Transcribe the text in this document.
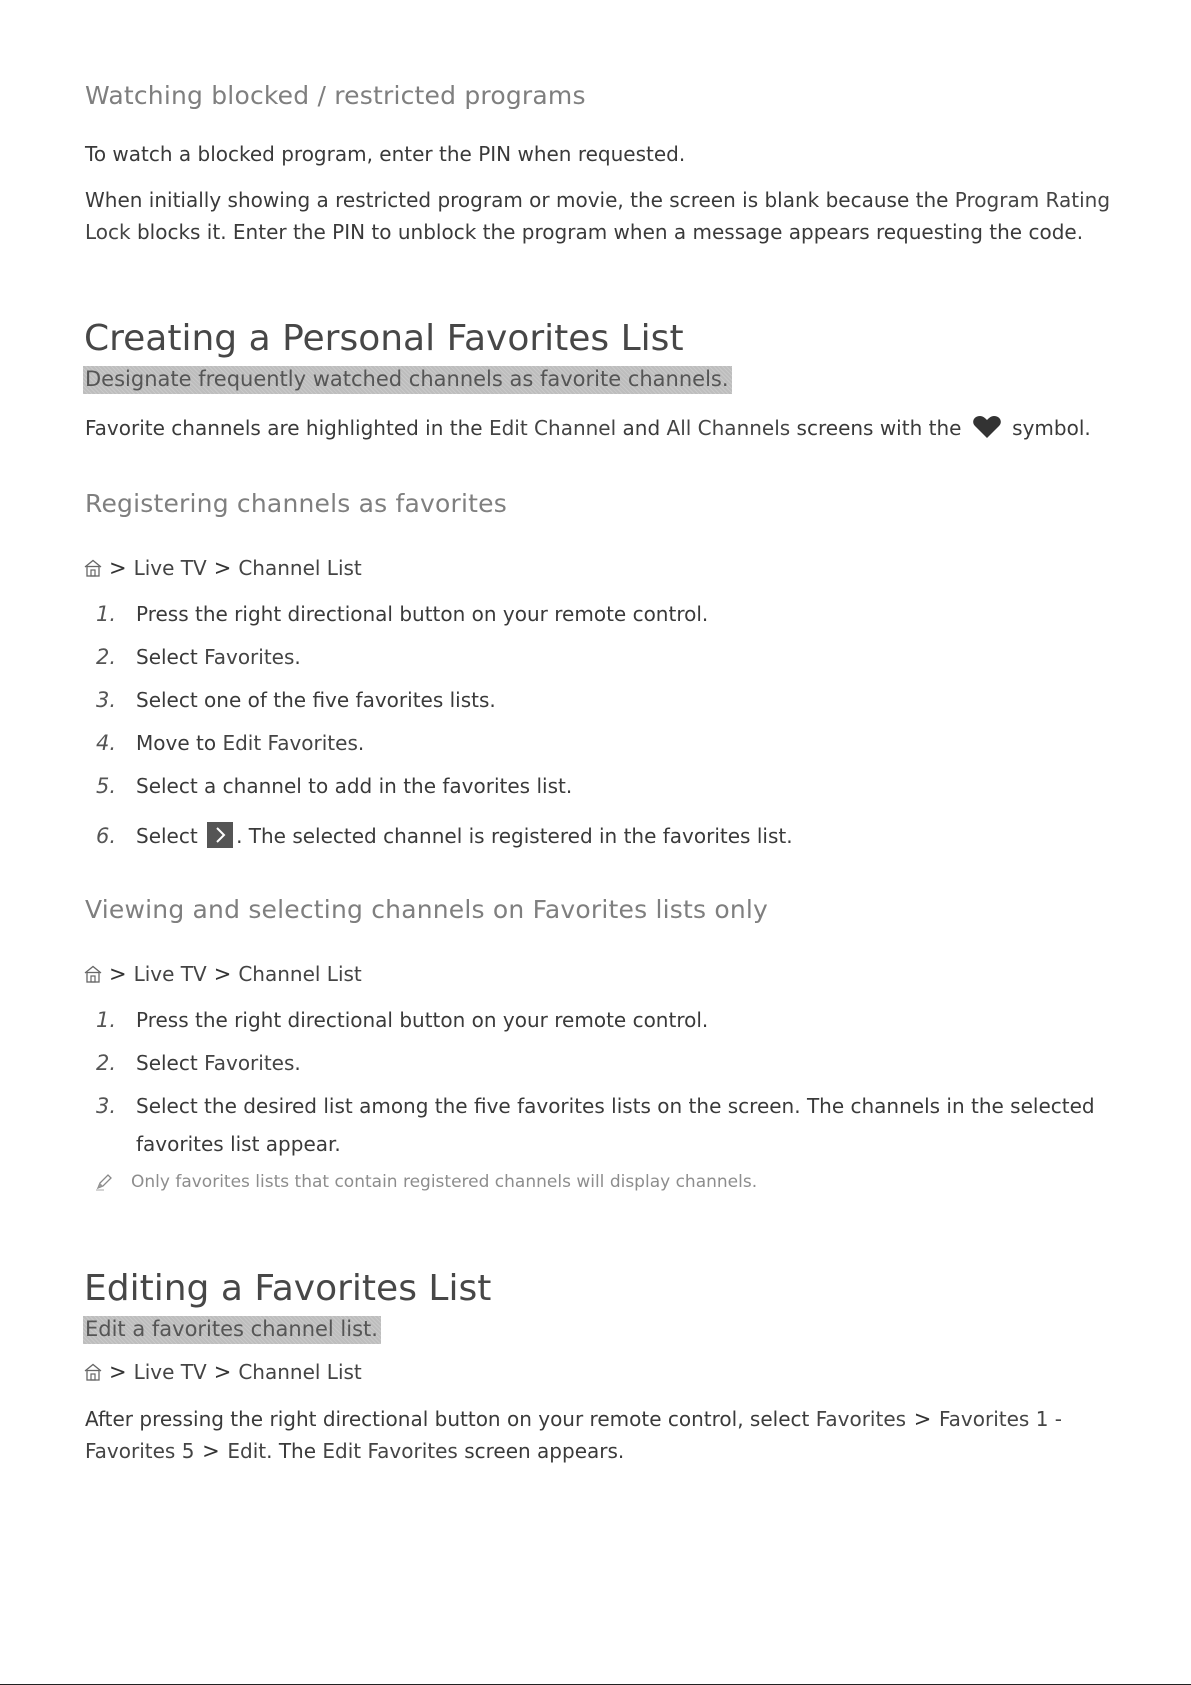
Watching blocked / restricted programs
To watch a blocked program, enter the PIN when requested.
When initially showing a restricted program or movie, the screen is blank because the Program Rating
Lock blocks it. Enter the PIN to unblock the program when a message appears requesting the code.
Creating a Personal Favorites List
Designate frequently watched channels as favorite channels.
Favorite channels are highlighted in the Edit Channel and All Channels screens with the  symbol.
Registering channels as favorites
> Live TV > Channel List
1. Press the right directional button on your remote control.
2. Select Favorites.
3. Select one of the five favorites lists.
4. Move to Edit Favorites.
5. Select a channel to add in the favorites list.
6. Select . The selected channel is registered in the favorites list.
Viewing and selecting channels on Favorites lists only
> Live TV > Channel List
1. Press the right directional button on your remote control.
2. Select Favorites.
3. Select the desired list among the five favorites lists on the screen. The channels in the selected
favorites list appear.
Only favorites lists that contain registered channels will display channels.
Editing a Favorites List
Edit a favorites channel list.
> Live TV > Channel List
After pressing the right directional button on your remote control, select Favorites > Favorites 1 -
Favorites 5 > Edit. The Edit Favorites screen appears.
